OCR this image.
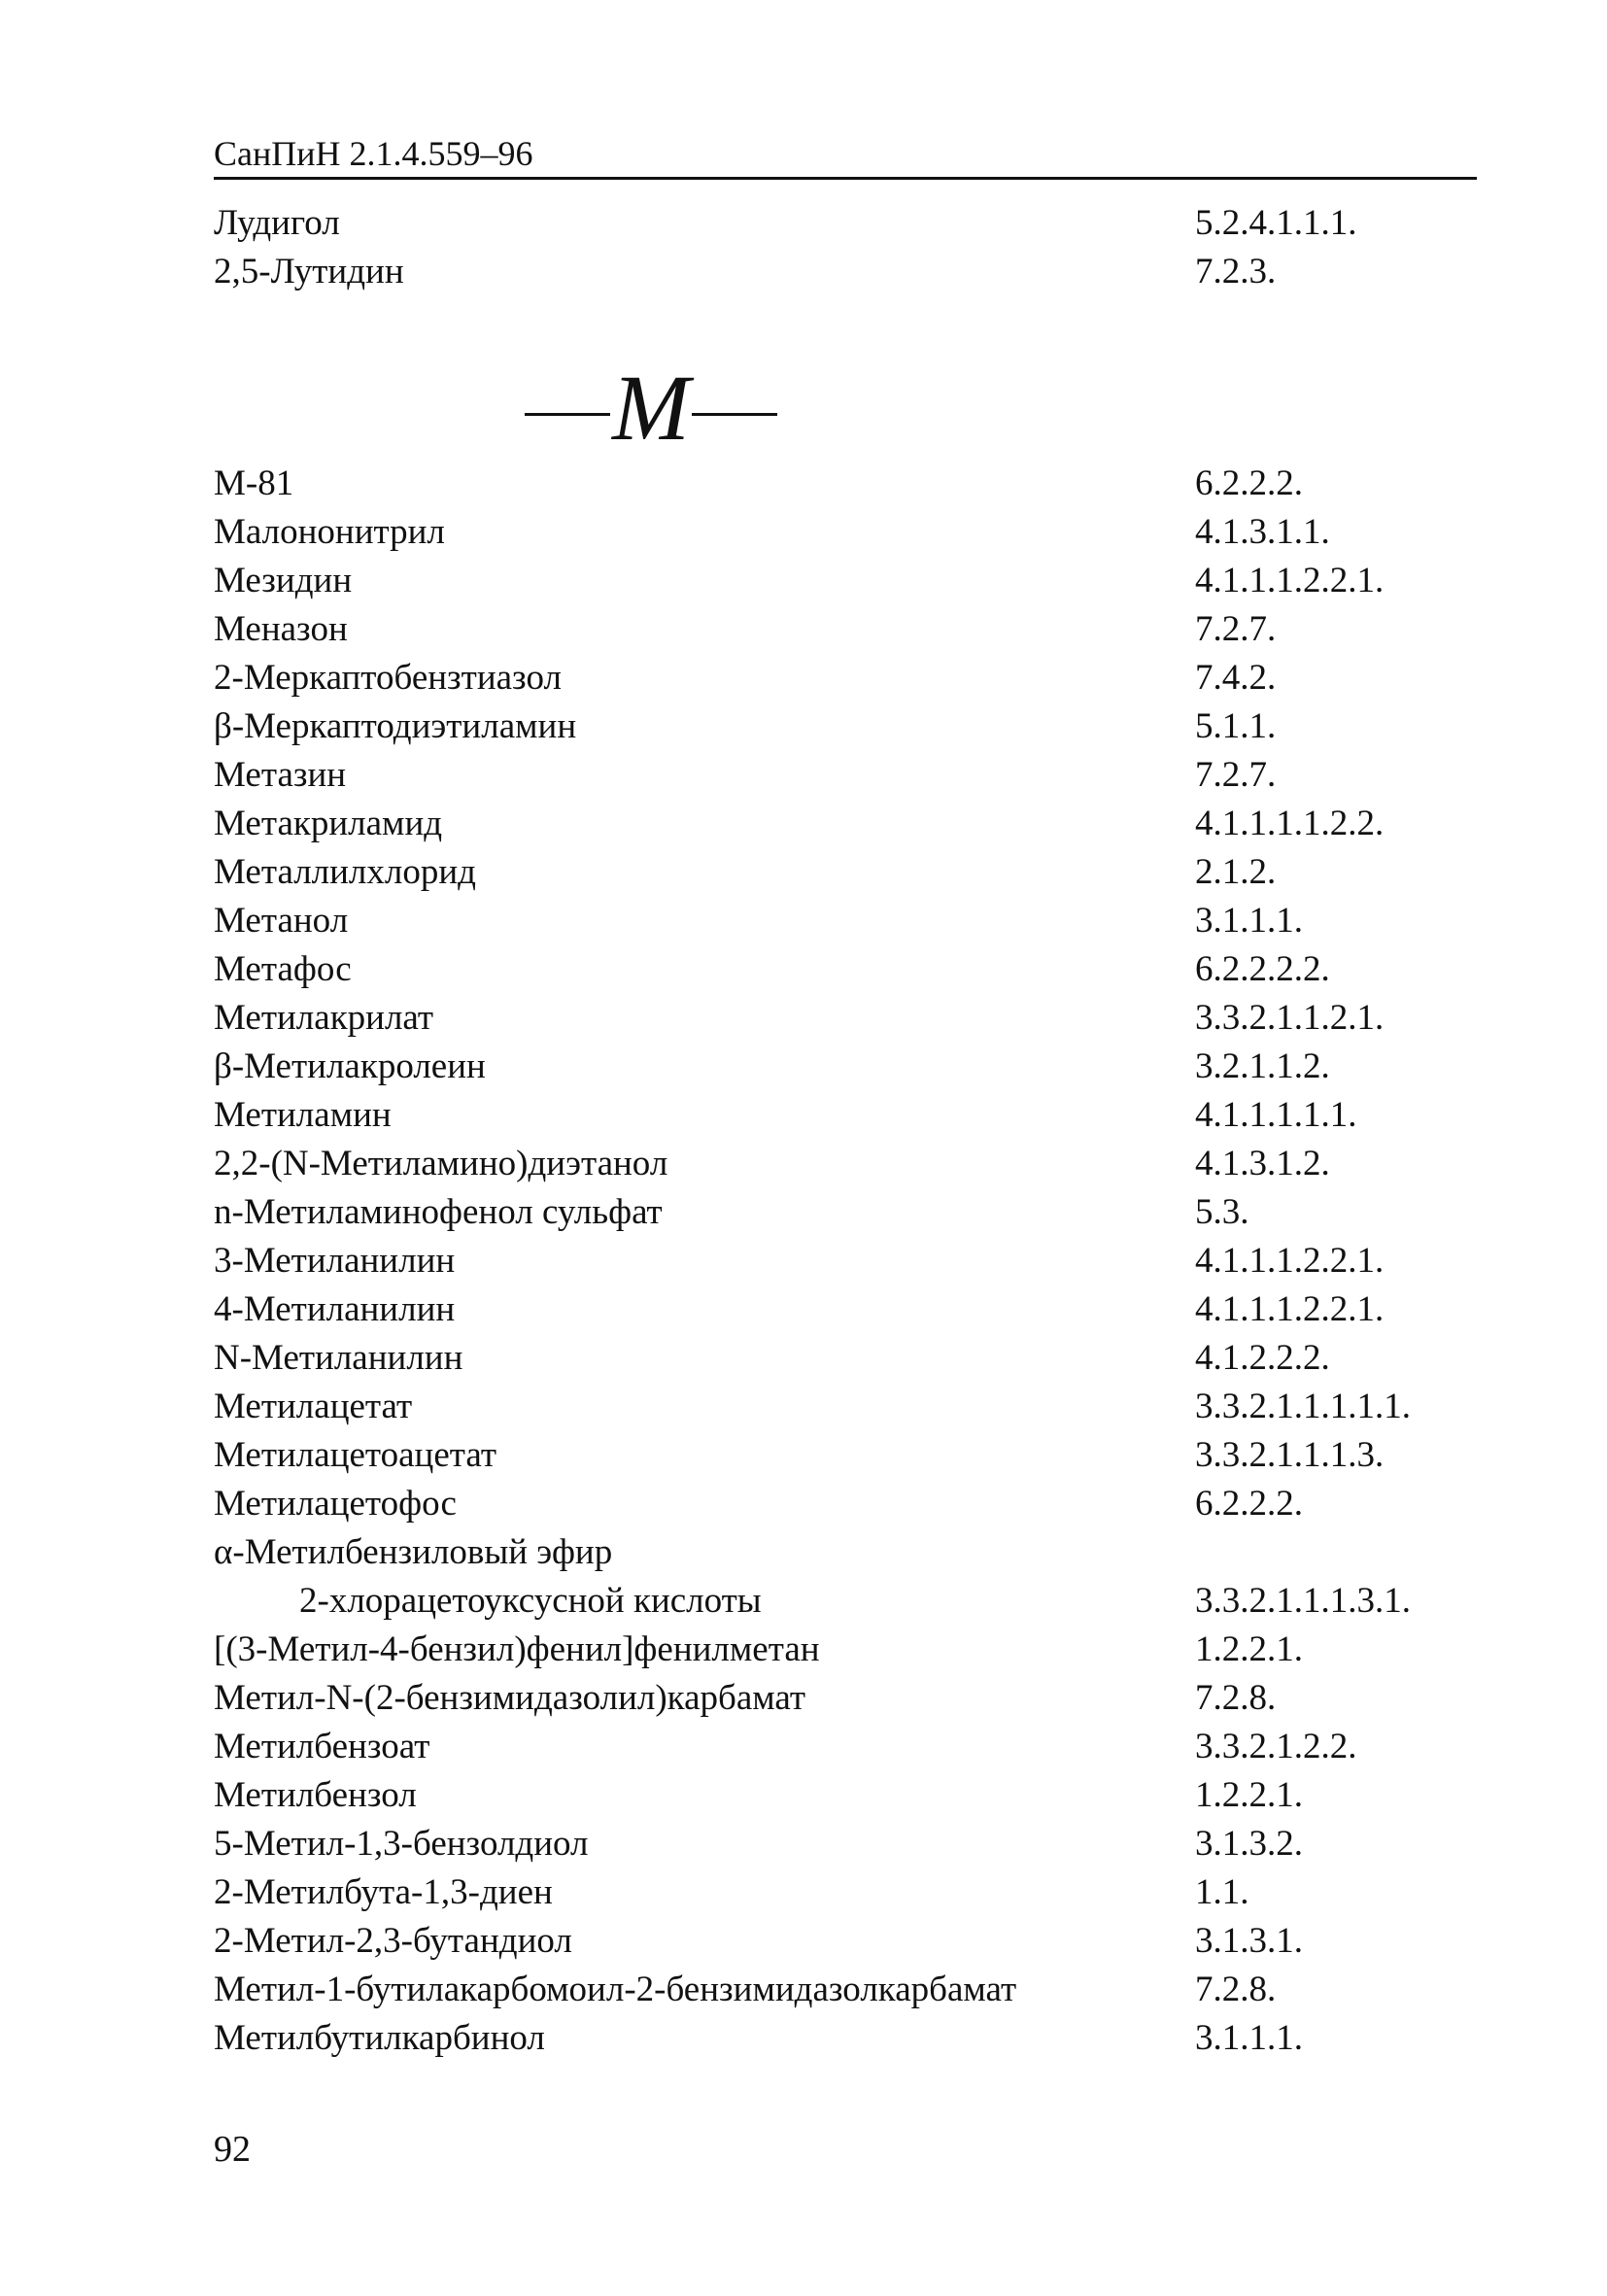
СанПиН 2.1.4.559–96
Лудигол	5.2.4.1.1.1.
2,5-Лутидин	7.2.3.
М
М-81	6.2.2.2.
Малононитрил	4.1.3.1.1.
Мезидин	4.1.1.1.2.2.1.
Меназон	7.2.7.
2-Меркаптобензтиазол	7.4.2.
β-Меркаптодиэтиламин	5.1.1.
Метазин	7.2.7.
Метакриламид	4.1.1.1.1.2.2.
Металлилхлорид	2.1.2.
Метанол	3.1.1.1.
Метафос	6.2.2.2.2.
Метилакрилат	3.3.2.1.1.2.1.
β-Метилакролеин	3.2.1.1.2.
Метиламин	4.1.1.1.1.1.
2,2-(N-Метиламино)диэтанол	4.1.3.1.2.
n-Метиламинофенол сульфат	5.3.
3-Метиланилин	4.1.1.1.2.2.1.
4-Метиланилин	4.1.1.1.2.2.1.
N-Метиланилин	4.1.2.2.2.
Метилацетат	3.3.2.1.1.1.1.1.
Метилацетоацетат	3.3.2.1.1.1.3.
Метилацетофос	6.2.2.2.
α-Метилбензиловый эфир
2-хлорацетоуксусной кислоты	3.3.2.1.1.1.3.1.
[(3-Метил-4-бензил)фенил]фенилметан	1.2.2.1.
Метил-N-(2-бензимидазолил)карбамат	7.2.8.
Метилбензоат	3.3.2.1.2.2.
Метилбензол	1.2.2.1.
5-Метил-1,3-бензолдиол	3.1.3.2.
2-Метилбута-1,3-диен	1.1.
2-Метил-2,3-бутандиол	3.1.3.1.
Метил-1-бутилакарбомоил-2-бензимидазолкарбамат	7.2.8.
Метилбутилкарбинол	3.1.1.1.
92
